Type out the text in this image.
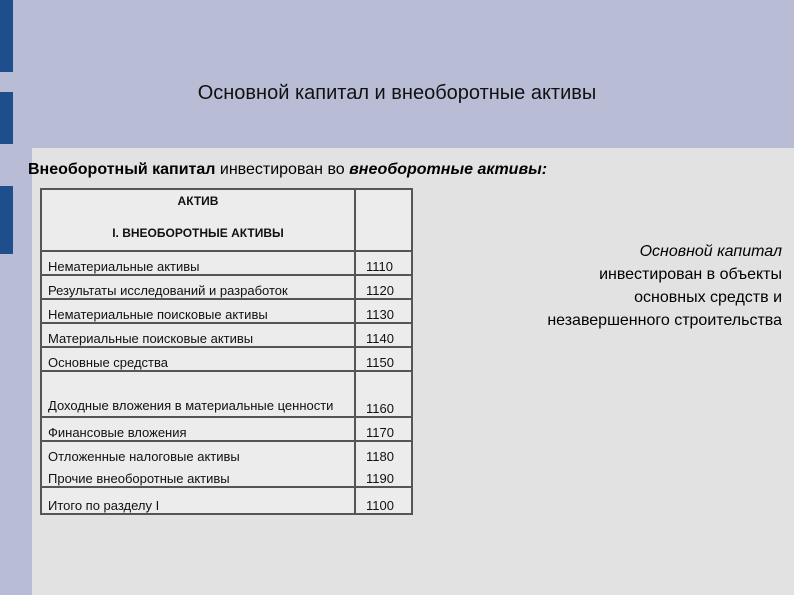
Основной капитал и внеоборотные активы
Внеоборотный капитал инвестирован во внеоборотные активы:
АКТИВ	
I. ВНЕОБОРОТНЫЕ АКТИВЫ	
Нематериальные активы	1110
Результаты исследований и разработок	1120
Нематериальные поисковые активы	1130
Материальные поисковые активы	1140
Основные средства	1150
Доходные вложения в материальные ценности	1160
Финансовые вложения	1170
Отложенные налоговые активы	1180
Прочие внеоборотные активы	1190
Итого по разделу I	1100
Основной капитал
инвестирован в объекты
основных средств и
незавершенного строительства
